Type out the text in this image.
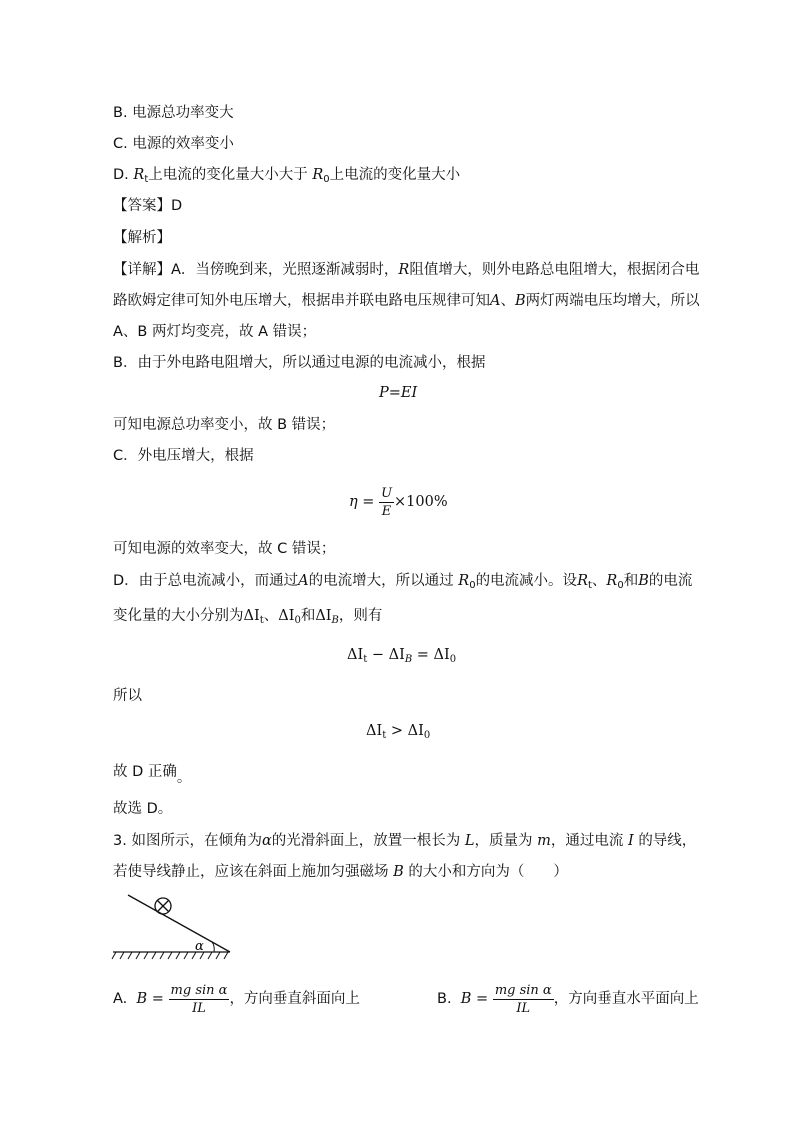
B. 电源总功率变大
C. 电源的效率变小
D. $R_t$上电流的变化量大小大于 $R_0$上电流的变化量大小
【答案】D
【解析】
【详解】A．当傍晚到来，光照逐渐减弱时，R阻值增大，则外电路总电阻增大，根据闭合电
路欧姆定律可知外电压增大，根据串并联电路电压规律可知A、B两灯两端电压均增大，所以
A、B 两灯均变亮，故 A 错误；
B．由于外电路电阻增大，所以通过电源的电流减小，根据
P=EI
可知电源总功率变小，故 B 错误；
C．外电压增大，根据
$\eta = \frac{U}{E} \times 100\%$
可知电源的效率变大，故 C 错误；
D．由于总电流减小，而通过A的电流增大，所以通过 $R_0$的电流减小。设$R_t$、$R_0$和B的电流
变化量的大小分别为$\Delta I_t$、$\Delta I_0$和$\Delta I_B$，则有
$\Delta I_t - \Delta I_B = \Delta I_0$
所以
$\Delta I_t > \Delta I_0$
故 D 正确。
故选 D。
3. 如图所示，在倾角为α的光滑斜面上，放置一根长为 L，质量为 m，通过电流 I 的导线，
若使导线静止，应该在斜面上施加匀强磁场 B 的大小和方向为（　　）
α
A. $B = \frac{\text{mg sin α}}{IL}$ ，方向垂直斜面向上	B. $B = \frac{\text{mg sin α}}{IL}$ ，方向垂直水平面向上
